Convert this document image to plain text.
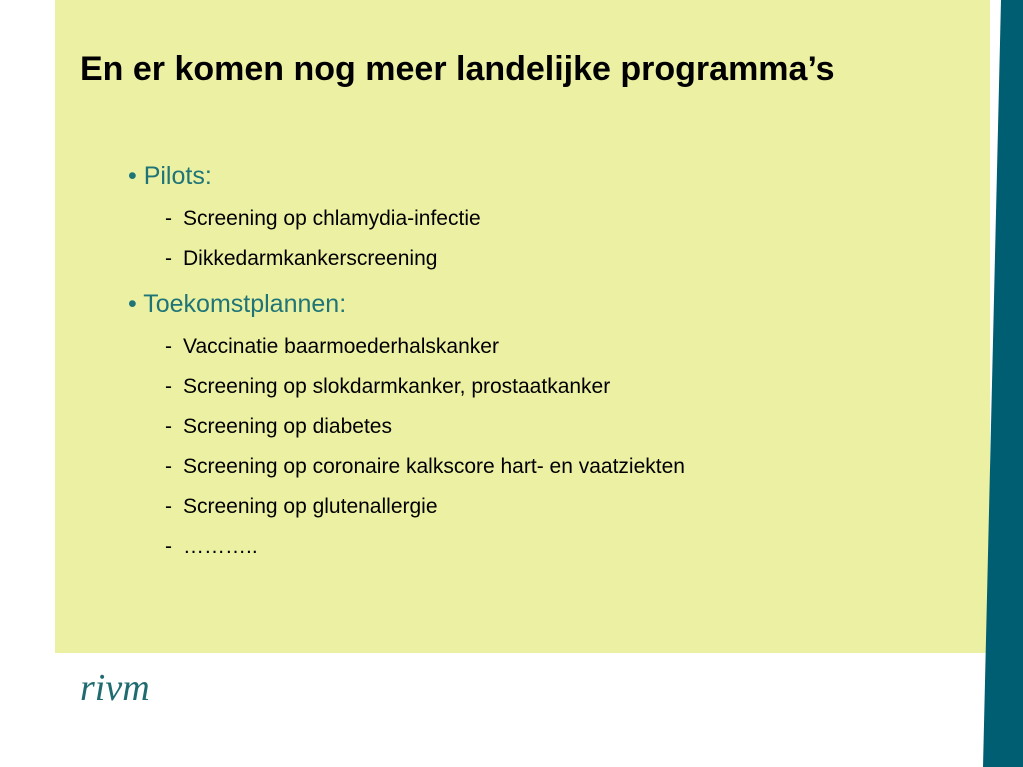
En er komen nog meer landelijke programma’s
• Pilots:
- Screening op chlamydia-infectie
- Dikkedarmkankerscreening
• Toekomstplannen:
- Vaccinatie baarmoederhalskanker
- Screening op slokdarmkanker, prostaatkanker
- Screening op diabetes
- Screening op coronaire kalkscore hart- en vaatziekten
- Screening op glutenallergie
- ………..
rivm
